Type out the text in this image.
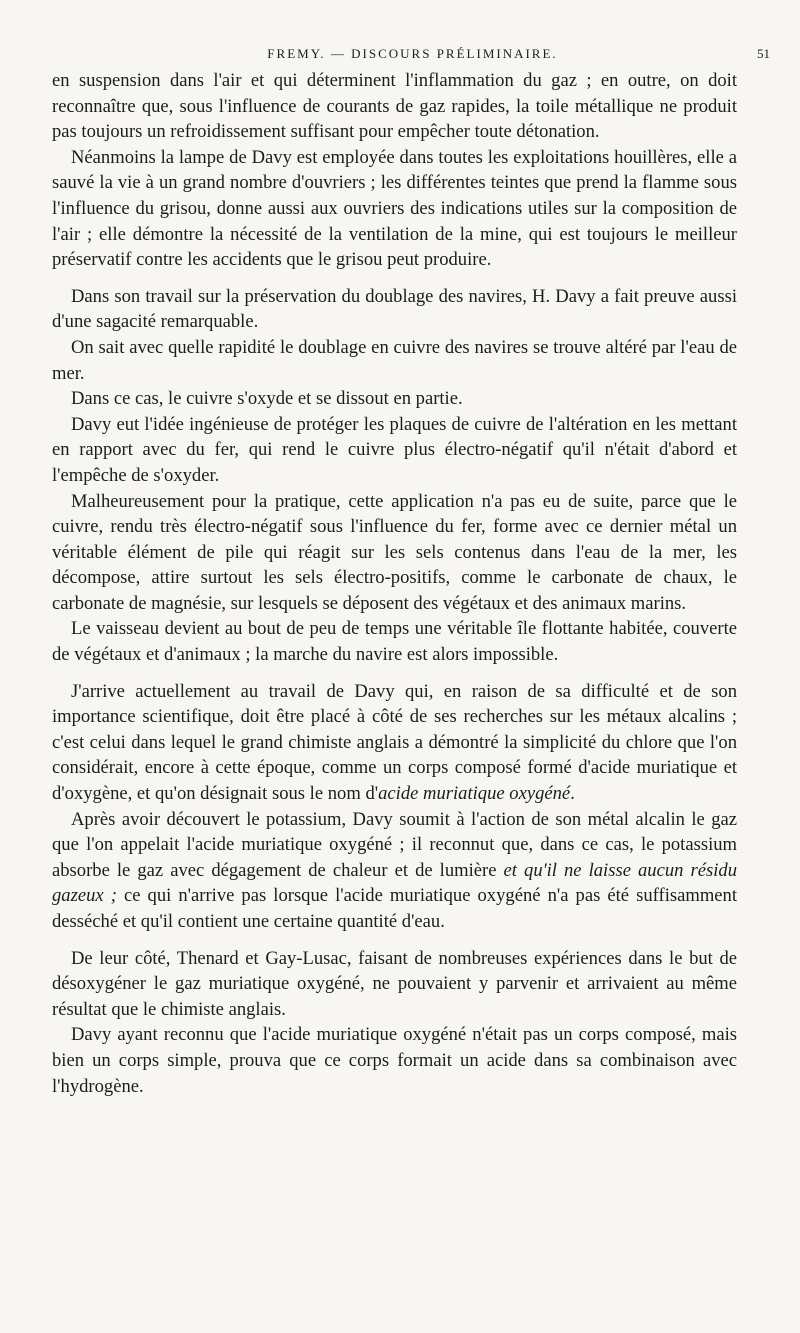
FREMY. — DISCOURS PRÉLIMINAIRE.	51

en suspension dans l'air et qui déterminent l'inflammation du gaz ; en outre, on doit reconnaître que, sous l'influence de courants de gaz rapides, la toile métallique ne produit pas toujours un refroidissement suffisant pour empêcher toute détonation.

Néanmoins la lampe de Davy est employée dans toutes les exploitations houillères, elle a sauvé la vie à un grand nombre d'ouvriers ; les différentes teintes que prend la flamme sous l'influence du grisou, donne aussi aux ouvriers des indications utiles sur la composition de l'air ; elle démontre la nécessité de la ventilation de la mine, qui est toujours le meilleur préservatif contre les accidents que le grisou peut produire.

Dans son travail sur la préservation du doublage des navires, H. Davy a fait preuve aussi d'une sagacité remarquable.

On sait avec quelle rapidité le doublage en cuivre des navires se trouve altéré par l'eau de mer.

Dans ce cas, le cuivre s'oxyde et se dissout en partie.

Davy eut l'idée ingénieuse de protéger les plaques de cuivre de l'altération en les mettant en rapport avec du fer, qui rend le cuivre plus électro-négatif qu'il n'était d'abord et l'empêche de s'oxyder.

Malheureusement pour la pratique, cette application n'a pas eu de suite, parce que le cuivre, rendu très électro-négatif sous l'influence du fer, forme avec ce dernier métal un véritable élément de pile qui réagit sur les sels contenus dans l'eau de la mer, les décompose, attire surtout les sels électro-positifs, comme le carbonate de chaux, le carbonate de magnésie, sur lesquels se déposent des végétaux et des animaux marins.

Le vaisseau devient au bout de peu de temps une véritable île flottante habitée, couverte de végétaux et d'animaux ; la marche du navire est alors impossible.

J'arrive actuellement au travail de Davy qui, en raison de sa difficulté et de son importance scientifique, doit être placé à côté de ses recherches sur les métaux alcalins ; c'est celui dans lequel le grand chimiste anglais a démontré la simplicité du chlore que l'on considérait, encore à cette époque, comme un corps composé formé d'acide muriatique et d'oxygène, et qu'on désignait sous le nom d'acide muriatique oxygéné.

Après avoir découvert le potassium, Davy soumit à l'action de son métal alcalin le gaz que l'on appelait l'acide muriatique oxygéné ; il reconnut que, dans ce cas, le potassium absorbe le gaz avec dégagement de chaleur et de lumière et qu'il ne laisse aucun résidu gazeux ; ce qui n'arrive pas lorsque l'acide muriatique oxygéné n'a pas été suffisamment desséché et qu'il contient une certaine quantité d'eau.

De leur côté, Thenard et Gay-Lusac, faisant de nombreuses expériences dans le but de désoxygéner le gaz muriatique oxygéné, ne pouvaient y parvenir et arrivaient au même résultat que le chimiste anglais.

Davy ayant reconnu que l'acide muriatique oxygéné n'était pas un corps composé, mais bien un corps simple, prouva que ce corps formait un acide dans sa combinaison avec l'hydrogène.
